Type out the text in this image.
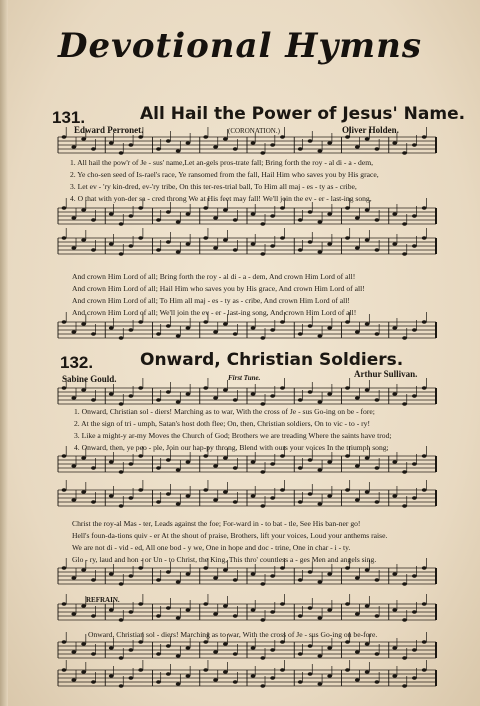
Devotional Hymns
131.	All Hail the Power of Jesus' Name.
Edward Perronet.	(CORONATION.)	Oliver Holden.
1. All hail the pow'r of Je - sus' name,Let an-gels pros-trate fall; Bring forth the roy - al di - a - dem,
2. Ye cho-sen seed of Is-rael's race, Ye ransomed from the fall, Hail Him who saves you by His grace,
3. Let ev - 'ry kin-dred, ev-'ry tribe, On this ter-res-trial ball, To Him all maj - es - ty as - cribe,
4. O that with yon-der sa - cred throng We at His feet may fall! We'll join the ev - er - last-ing song,
And crown Him Lord of all; Bring forth the roy - al di - a - dem, And crown Him Lord of all!
And crown Him Lord of all; Hail Him who saves you by His grace, And crown Him Lord of all!
And crown Him Lord of all; To Him all maj - es - ty as - cribe, And crown Him Lord of all!
And crown Him Lord of all; We'll join the ev - er - last-ing song, And crown Him Lord of all!
132.	Onward, Christian Soldiers.
Sabine Gould.	First Tune.	Arthur Sullivan.
1. Onward, Christian sol - diers! Marching as to war, With the cross of Je - sus Go-ing on be - fore;
2. At the sign of tri - umph, Satan's host doth flee; On, then, Christian soldiers, On to vic - to - ry!
3. Like a might-y ar-my Moves the Church of God; Brothers we are treading Where the saints have trod;
4. Onward, then, ye peo - ple, Join our hap-py throng, Blend with ours your voices In the triumph song;
Christ the roy-al Mas - ter, Leads against the foe; For-ward in - to bat - tle, See His ban-ner go!
Hell's foun-da-tions quiv - er At the shout of praise, Brothers, lift your voices, Loud your anthems raise.
We are not di - vid - ed, All one bod - y we, One in hope and doc - trine, One in char - i - ty.
Glo - ry, laud and hon - or Un - to Christ, the King, This thro' countless a - ges Men and angels sing.
REFRAIN.
Onward, Christian sol - diers! Marching as to war, With the cross of Je - sus Go-ing on be-fore.
